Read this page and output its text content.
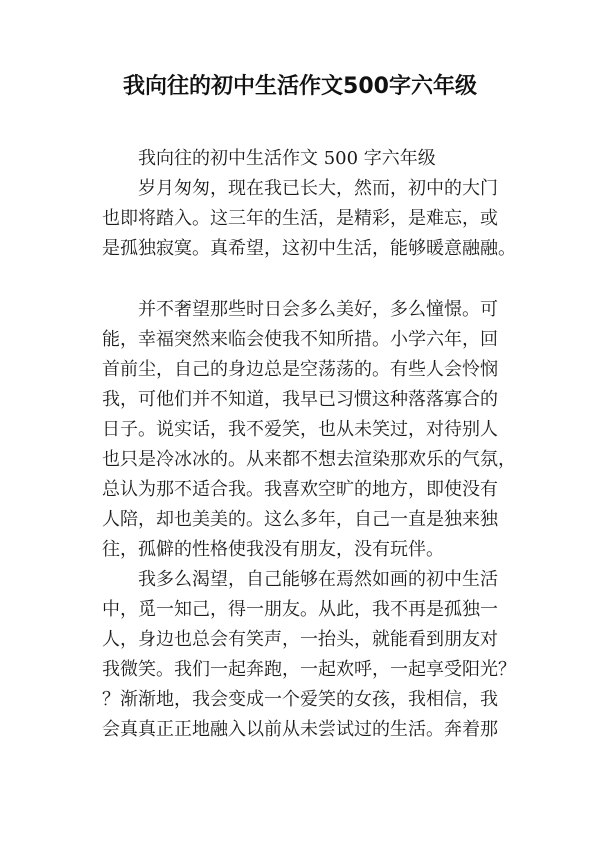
我向往的初中生活作文500字六年级
我向往的初中生活作文 500 字六年级
岁月匆匆，现在我已长大，然而，初中的大门
也即将踏入。这三年的生活，是精彩，是难忘，或
是孤独寂寞。真希望，这初中生活，能够暖意融融。
并不奢望那些时日会多么美好，多么憧憬。可
能，幸福突然来临会使我不知所措。小学六年，回
首前尘，自己的身边总是空荡荡的。有些人会怜悯
我，可他们并不知道，我早已习惯这种落落寡合的
日子。说实话，我不爱笑，也从未笑过，对待别人
也只是冷冰冰的。从来都不想去渲染那欢乐的气氛，
总认为那不适合我。我喜欢空旷的地方，即使没有
人陪，却也美美的。这么多年，自己一直是独来独
往，孤僻的性格使我没有朋友，没有玩伴。
我多么渴望，自己能够在焉然如画的初中生活
中，觅一知己，得一朋友。从此，我不再是孤独一
人，身边也总会有笑声，一抬头，就能看到朋友对
我微笑。我们一起奔跑，一起欢呼，一起享受阳光？
？渐渐地，我会变成一个爱笑的女孩，我相信，我
会真真正正地融入以前从未尝试过的生活。奔着那
